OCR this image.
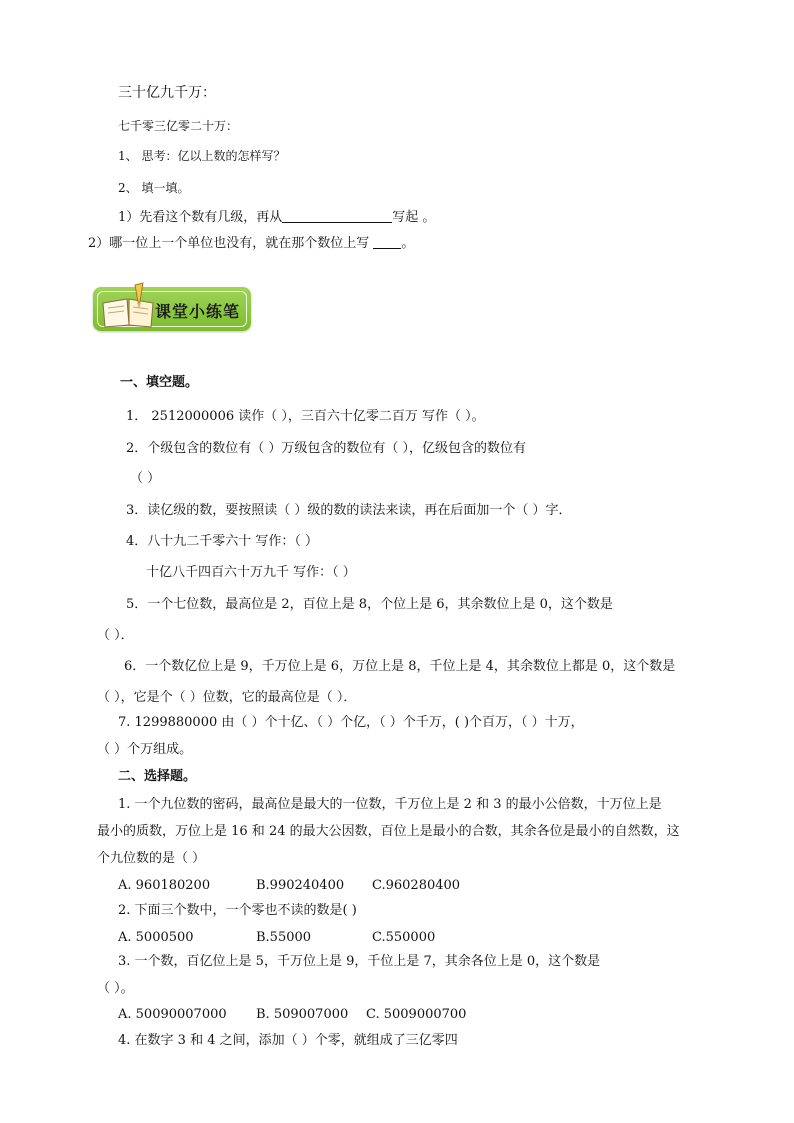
三十亿九千万：
七千零三亿零二十万：
1、 思考：亿以上数的怎样写？
2、 填一填。
1）先看这个数有几级，再从	写起 。
2）哪一位上一个单位也没有，就在那个数位上写 。
课堂小练笔
一、填空题。
1． 2512000006 读作（ ），三百六十亿零二百万 写作（ ）。
2．个级包含的数位有（ ）万级包含的数位有（ ），亿级包含的数位有
（ ）
3．读亿级的数，要按照读（ ）级的数的读法来读，再在后面加一个（ ）字．
4．八十九二千零六十 写作：（ ）
十亿八千四百六十万九千 写作：（ ）
5．一个七位数，最高位是 2，百位上是 8，个位上是 6，其余数位上是 0，这个数是
（ ）．
6．一个数亿位上是 9，千万位上是 6，万位上是 8，千位上是 4，其余数位上都是 0，这个数是
（ ），它是个（ ）位数，它的最高位是（ ）．
7. 1299880000 由（ ）个十亿、（ ）个亿，（ ）个千万，( )个百万，（ ）十万，
（ ）个万组成。
二、选择题。
1. 一个九位数的密码，最高位是最大的一位数，千万位上是 2 和 3 的最小公倍数，十万位上是
最小的质数，万位上是 16 和 24 的最大公因数，百位上是最小的合数，其余各位是最小的自然数，这
个九位数的是（ ）
A. 960180200	B.990240400 C.960280400
2. 下面三个数中，一个零也不读的数是( )
A. 5000500	B.55000	C.550000
3. 一个数，百亿位上是 5，千万位上是 9，千位上是 7，其余各位上是 0，这个数是
（ ）。
A. 50090007000 B. 509007000 C. 5009000700
4. 在数字 3 和 4 之间，添加（ ）个零，就组成了三亿零四
